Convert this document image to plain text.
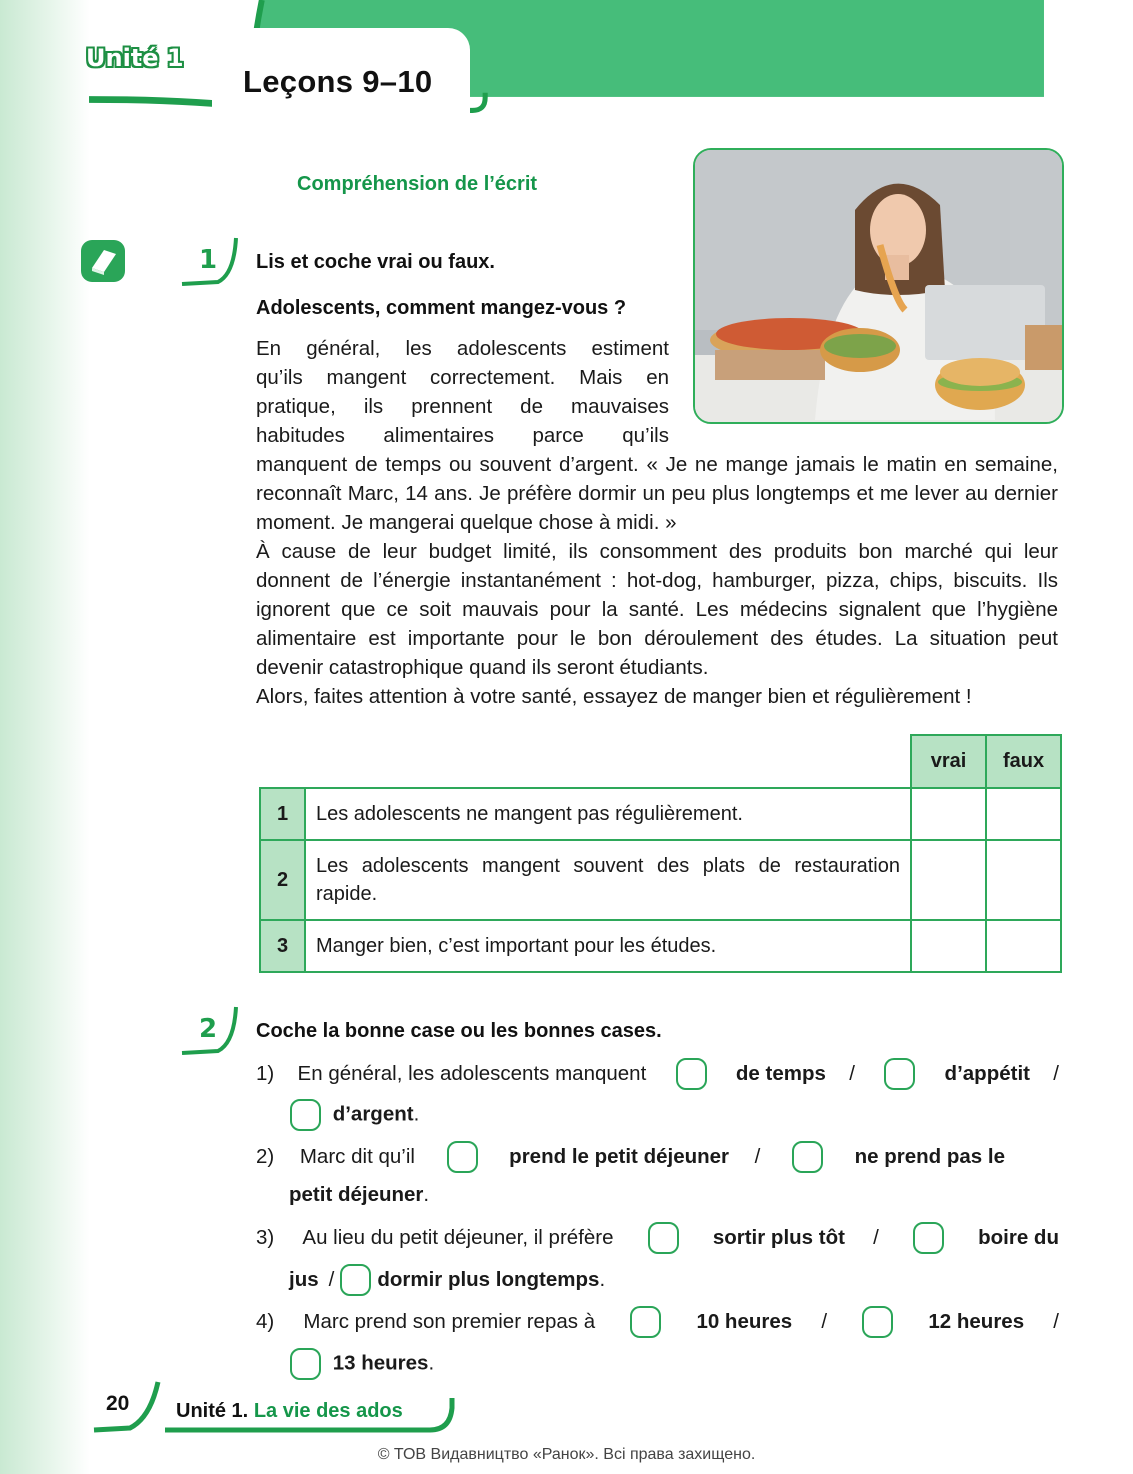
Unité 1
Leçons 9–10
Compréhension de l’écrit
1 Lis et coche vrai ou faux.
Adolescents, comment mangez-vous ?
En général, les adolescents estiment
qu’ils mangent correctement. Mais en
pratique, ils prennent de mauvaises
habitudes alimentaires parce qu’ils
manquent de temps ou souvent d’argent. « Je ne mange jamais le matin en semaine, reconnaît Marc, 14 ans. Je préfère dormir un peu plus longtemps et me lever au dernier moment. Je mangerai quelque chose à midi. »
À cause de leur budget limité, ils consomment des produits bon marché qui leur donnent de l’énergie instantanément : hot-dog, hamburger, pizza, chips, biscuits. Ils ignorent que ce soit mauvais pour la santé. Les médecins signalent que l’hygiène alimentaire est importante pour le bon déroulement des études. La situation peut devenir catastrophique quand ils seront étudiants.
Alors, faites attention à votre santé, essayez de manger bien et régulièrement !
		vrai	faux
1	Les adolescents ne mangent pas régulièrement.		
2	Les adolescents mangent souvent des plats de restauration rapide.		
3	Manger bien, c’est important pour les études.		
2 Coche la bonne case ou les bonnes cases.
1) En général, les adolescents manquent	de temps /	d’appétit /
d’argent.
2) Marc dit qu’il	prend le petit déjeuner /	ne prend pas le
petit déjeuner.
3) Au lieu du petit déjeuner, il préfère	sortir plus tôt /	boire du
jus / dormir plus longtemps .
4) Marc prend son premier repas à	10 heures /	12 heures /
13 heures.
20 Unité 1. La vie des ados
© ТОВ Видавництво «Ранок». Всі права захищено.
